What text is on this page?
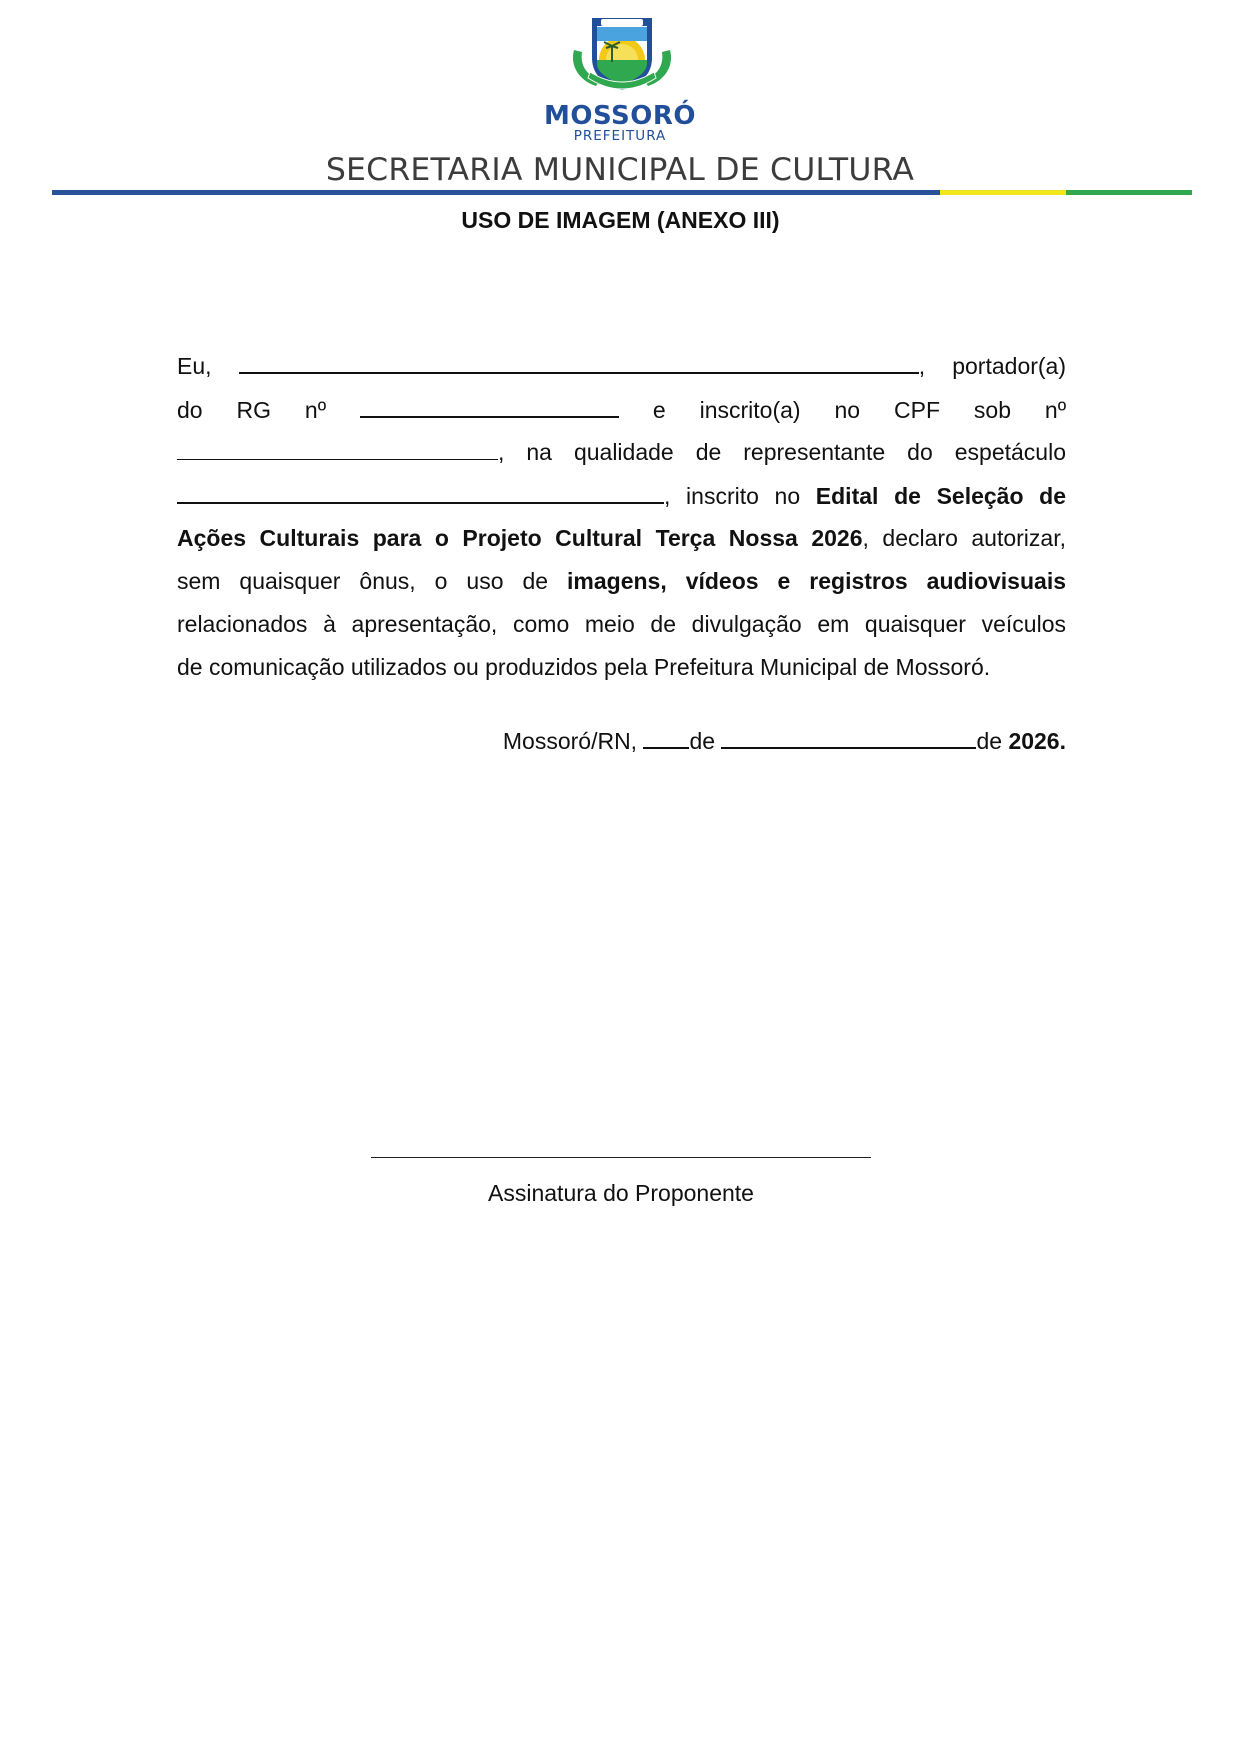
MOSSORÓ
PREFEITURA
SECRETARIA MUNICIPAL DE CULTURA
USO DE IMAGEM (ANEXO III)
Eu,	, portador(a)
do RG nº	e inscrito(a) no CPF sob nº
, na qualidade de representante do espetáculo
, inscrito no Edital de Seleção de
Ações Culturais para o Projeto Cultural Terça Nossa 2026, declaro autorizar,
sem quaisquer ônus, o uso de imagens, vídeos e registros audiovisuais
relacionados à apresentação, como meio de divulgação em quaisquer veículos
de comunicação utilizados ou produzidos pela Prefeitura Municipal de Mossoró.
Mossoró/RN, de	de 2026.
Assinatura do Proponente
